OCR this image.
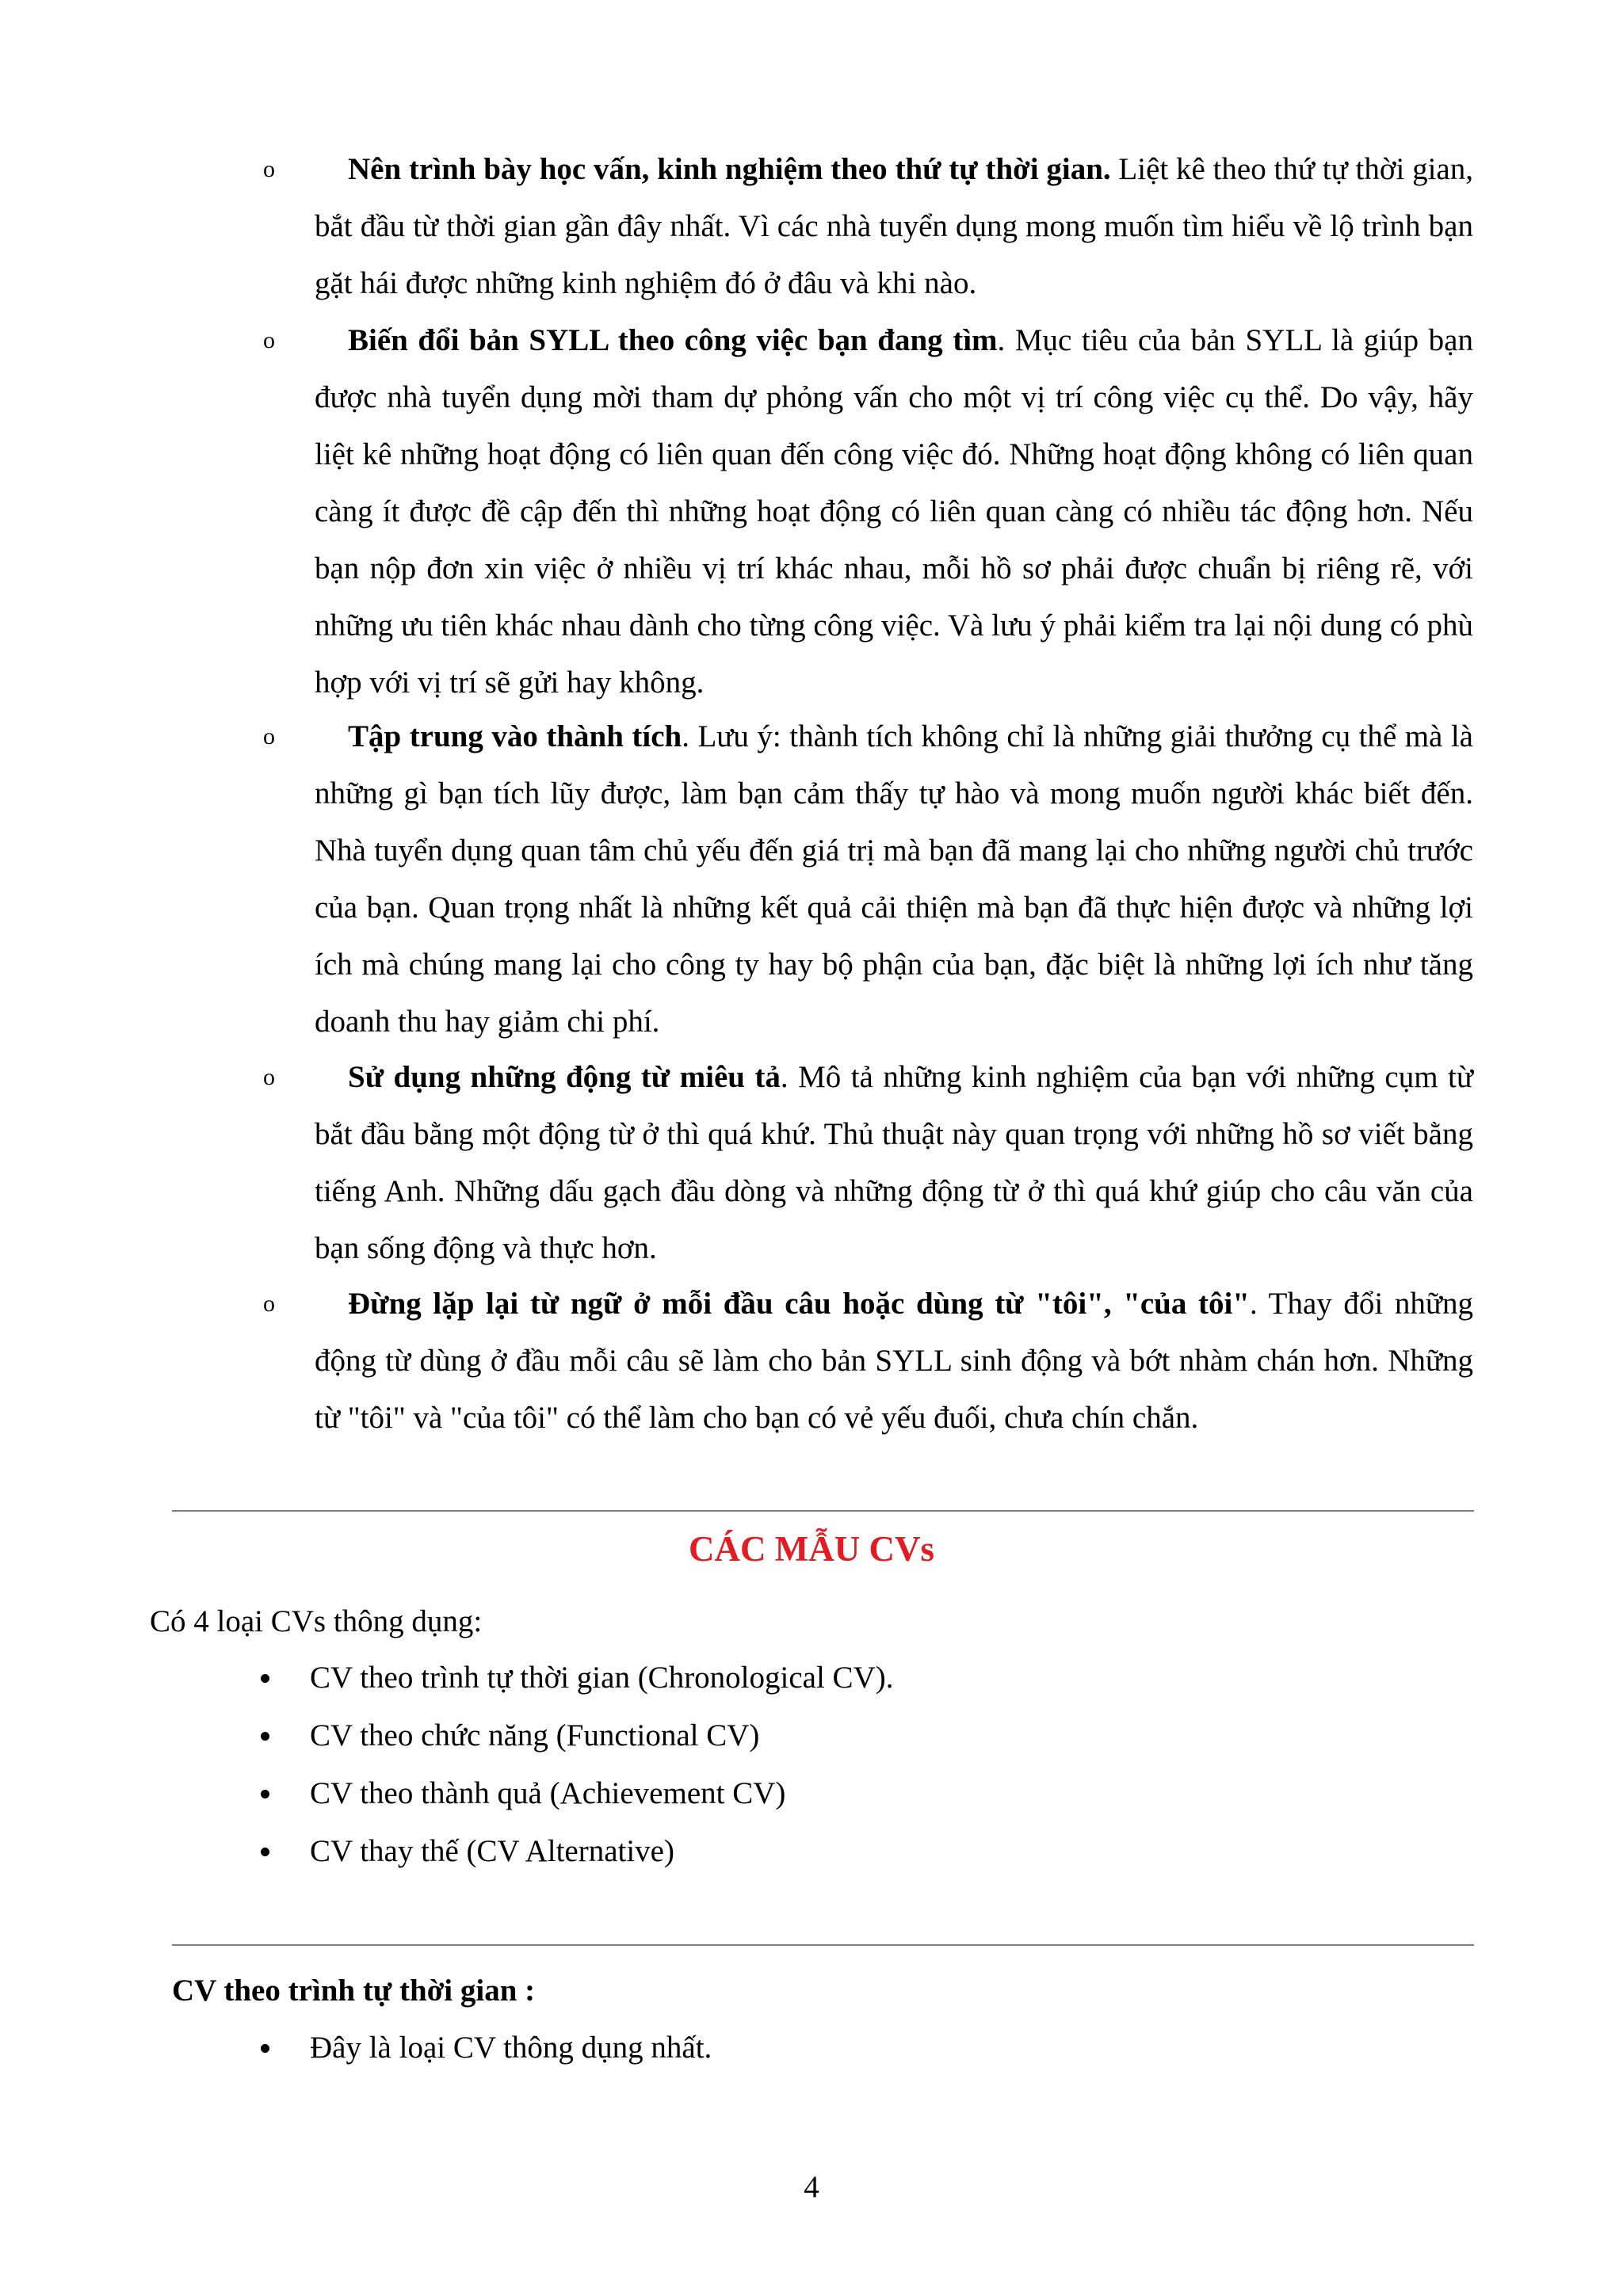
o	Nên trình bày học vấn, kinh nghiệm theo thứ tự thời gian. Liệt kê theo thứ tự thời gian, bắt đầu từ thời gian gần đây nhất. Vì các nhà tuyển dụng mong muốn tìm hiểu về lộ trình bạn gặt hái được những kinh nghiệm đó ở đâu và khi nào.
o	Biến đổi bản SYLL theo công việc bạn đang tìm. Mục tiêu của bản SYLL là giúp bạn được nhà tuyển dụng mời tham dự phỏng vấn cho một vị trí công việc cụ thể. Do vậy, hãy liệt kê những hoạt động có liên quan đến công việc đó. Những hoạt động không có liên quan càng ít được đề cập đến thì những hoạt động có liên quan càng có nhiều tác động hơn. Nếu bạn nộp đơn xin việc ở nhiều vị trí khác nhau, mỗi hồ sơ phải được chuẩn bị riêng rẽ, với những ưu tiên khác nhau dành cho từng công việc. Và lưu ý phải kiểm tra lại nội dung có phù hợp với vị trí sẽ gửi hay không.
o	Tập trung vào thành tích. Lưu ý: thành tích không chỉ là những giải thưởng cụ thể mà là những gì bạn tích lũy được, làm bạn cảm thấy tự hào và mong muốn người khác biết đến. Nhà tuyển dụng quan tâm chủ yếu đến giá trị mà bạn đã mang lại cho những người chủ trước của bạn. Quan trọng nhất là những kết quả cải thiện mà bạn đã thực hiện được và những lợi ích mà chúng mang lại cho công ty hay bộ phận của bạn, đặc biệt là những lợi ích như tăng doanh thu hay giảm chi phí.
o	Sử dụng những động từ miêu tả. Mô tả những kinh nghiệm của bạn với những cụm từ bắt đầu bằng một động từ ở thì quá khứ. Thủ thuật này quan trọng với những hồ sơ viết bằng tiếng Anh. Những dấu gạch đầu dòng và những động từ ở thì quá khứ giúp cho câu văn của bạn sống động và thực hơn.
o	Đừng lặp lại từ ngữ ở mỗi đầu câu hoặc dùng từ "tôi", "của tôi". Thay đổi những động từ dùng ở đầu mỗi câu sẽ làm cho bản SYLL sinh động và bớt nhàm chán hơn. Những từ "tôi" và "của tôi" có thể làm cho bạn có vẻ yếu đuối, chưa chín chắn.
CÁC MẪU CVs
Có 4 loại CVs thông dụng:
CV theo trình tự thời gian (Chronological CV).
CV theo chức năng (Functional CV)
CV theo thành quả (Achievement CV)
CV thay thế (CV Alternative)
CV theo trình tự thời gian :
Đây là loại CV thông dụng nhất.
4
